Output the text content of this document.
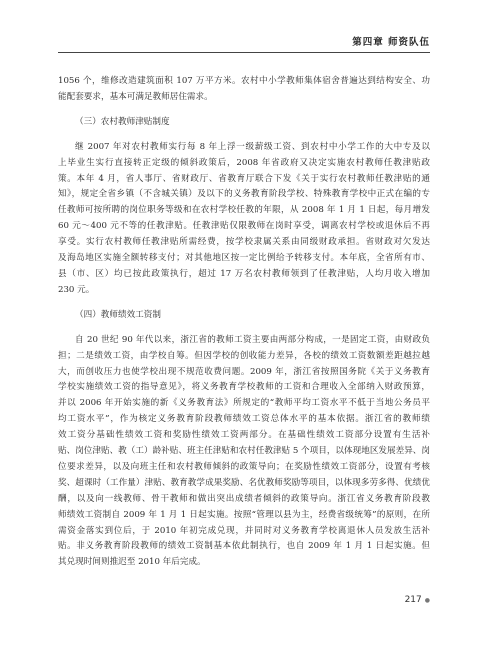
第四章 师资队伍
1056 个，维修改造建筑面积 107 万平方米。农村中小学教师集体宿舍普遍达到结构安全、功
能配套要求，基本可满足教师居住需求。
（三）农村教师津贴制度
继 2007 年对农村教师实行每 8 年上浮一级薪级工资、到农村中小学工作的大中专及以
上毕业生实行直接转正定级的倾斜政策后，2008 年省政府又决定实施农村教师任教津贴政
策。本年 4 月，省人事厅、省财政厅、省教育厅联合下发《关于实行农村教师任教津贴的通
知》，规定全省乡镇（不含城关镇）及以下的义务教育阶段学校、特殊教育学校中正式在编的专
任教师可按所聘的岗位职务等级和在农村学校任教的年限，从 2008 年 1 月 1 日起，每月增发
60 元～400 元不等的任教津贴。任教津贴仅限教师在岗时享受，调离农村学校或退休后不再
享受。实行农村教师任教津贴所需经费，按学校隶属关系由同级财政承担。省财政对欠发达
及海岛地区实施全额转移支付；对其他地区按一定比例给予转移支付。本年底，全省所有市、
县（市、区）均已按此政策执行，超过 17 万名农村教师领到了任教津贴，人均月收入增加
230 元。
（四）教师绩效工资制
自 20 世纪 90 年代以来，浙江省的教师工资主要由两部分构成，一是固定工资，由财政负
担；二是绩效工资，由学校自筹。但因学校的创收能力差异，各校的绩效工资数额差距越拉越
大，而创收压力也使学校出现不规范收费问题。2009 年，浙江省按照国务院《关于义务教育
学校实施绩效工资的指导意见》，将义务教育学校教师的工资和合理收入全部纳入财政预算，
并以 2006 年开始实施的新《义务教育法》所规定的“教师平均工资水平不低于当地公务员平
均工资水平”，作为核定义务教育阶段教师绩效工资总体水平的基本依据。浙江省的教师绩
效工资分基础性绩效工资和奖励性绩效工资两部分。在基础性绩效工资部分设置有生活补
贴、岗位津贴、教（工）龄补贴、班主任津贴和农村任教津贴 5 个项目，以体现地区发展差异、岗
位要求差异，以及向班主任和农村教师倾斜的政策导向；在奖励性绩效工资部分，设置有考核
奖、超课时（工作量）津贴、教育教学成果奖励、名优教师奖励等项目，以体现多劳多得、优绩优
酬，以及向一线教师、骨干教师和做出突出成绩者倾斜的政策导向。浙江省义务教育阶段教
师绩效工资制自 2009 年 1 月 1 日起实施。按照“管理以县为主，经费省级统筹”的原则，在所
需资金落实到位后，于 2010 年初完成兑现，并同时对义务教育学校离退休人员发放生活补
贴。非义务教育阶段教师的绩效工资制基本依此制执行，也自 2009 年 1 月 1 日起实施。但
其兑现时间则推迟至 2010 年后完成。
217 ●
